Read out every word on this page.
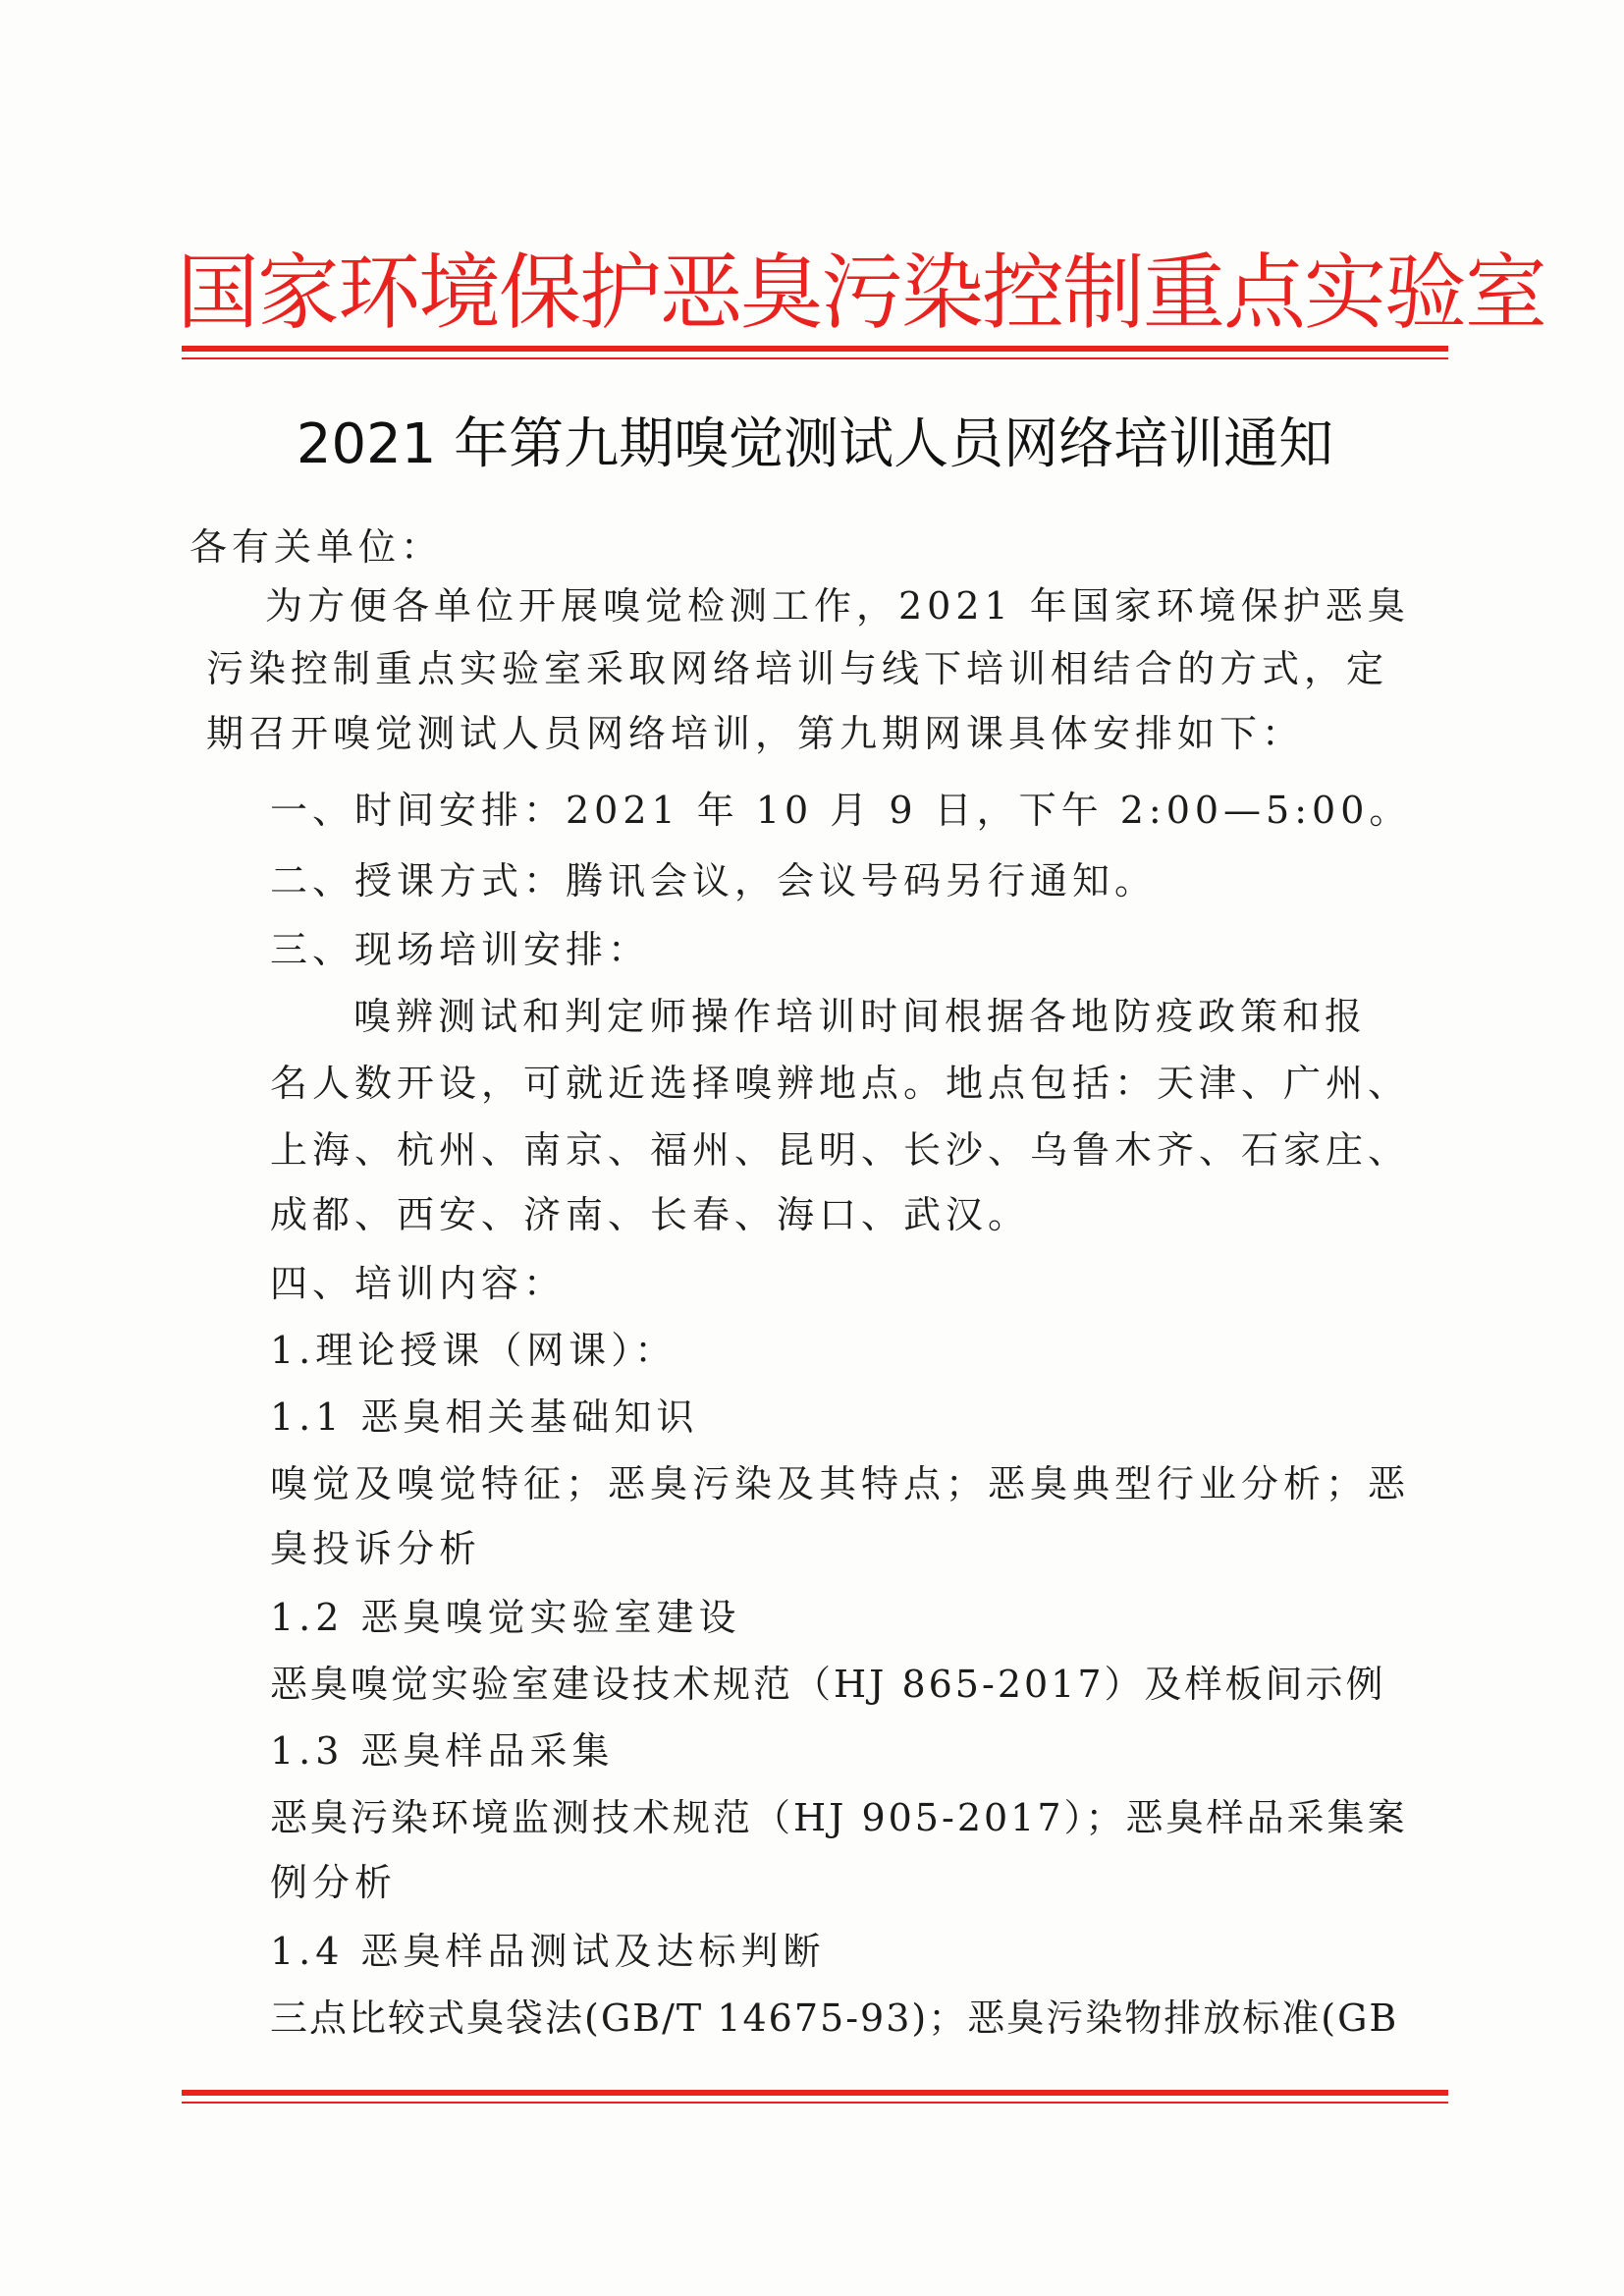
国家环境保护恶臭污染控制重点实验室
2021 年第九期嗅觉测试人员网络培训通知
各有关单位：
为方便各单位开展嗅觉检测工作，2021 年国家环境保护恶臭
污染控制重点实验室采取网络培训与线下培训相结合的方式，定
期召开嗅觉测试人员网络培训，第九期网课具体安排如下：
一、时间安排：2021 年 10 月 9 日，下午 2:00—5:00。
二、授课方式：腾讯会议，会议号码另行通知。
三、现场培训安排：
嗅辨测试和判定师操作培训时间根据各地防疫政策和报
名人数开设，可就近选择嗅辨地点。地点包括：天津、广州、
上海、杭州、南京、福州、昆明、长沙、乌鲁木齐、石家庄、
成都、西安、济南、长春、海口、武汉。
四、培训内容：
1.理论授课（网课）：
1.1 恶臭相关基础知识
嗅觉及嗅觉特征；恶臭污染及其特点；恶臭典型行业分析；恶
臭投诉分析
1.2 恶臭嗅觉实验室建设
恶臭嗅觉实验室建设技术规范（HJ 865-2017）及样板间示例
1.3 恶臭样品采集
恶臭污染环境监测技术规范（HJ 905-2017）；恶臭样品采集案
例分析
1.4 恶臭样品测试及达标判断
三点比较式臭袋法(GB/T 14675-93)；恶臭污染物排放标准(GB
